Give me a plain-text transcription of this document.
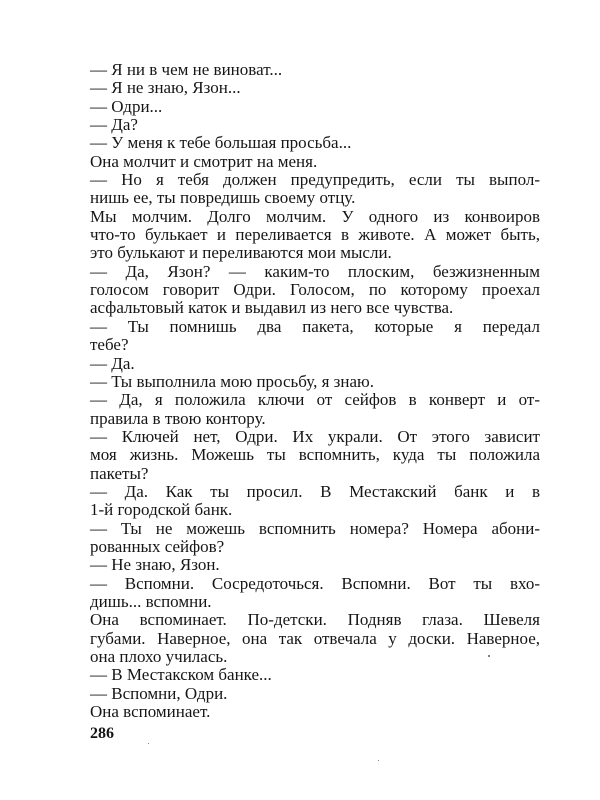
— Я ни в чем не виноват...
— Я не знаю, Язон...
— Одри...
— Да?
— У меня к тебе большая просьба...
Она молчит и смотрит на меня.
— Но я тебя должен предупредить, если ты выпол-
нишь ее, ты повредишь своему отцу.
Мы молчим. Долго молчим. У одного из конвоиров
что-то булькает и переливается в животе. А может быть,
это булькают и переливаются мои мысли.
— Да, Язон? — каким-то плоским, безжизненным
голосом говорит Одри. Голосом, по которому проехал
асфальтовый каток и выдавил из него все чувства.
— Ты помнишь два пакета, которые я передал
тебе?
— Да.
— Ты выполнила мою просьбу, я знаю.
— Да, я положила ключи от сейфов в конверт и от-
правила в твою контору.
— Ключей нет, Одри. Их украли. От этого зависит
моя жизнь. Можешь ты вспомнить, куда ты положила
пакеты?
— Да. Как ты просил. В Местакский банк и в
1-й городской банк.
— Ты не можешь вспомнить номера? Номера абони-
рованных сейфов?
— Не знаю, Язон.
— Вспомни. Сосредоточься. Вспомни. Вот ты вхо-
дишь... вспомни.
Она вспоминает. По-детски. Подняв глаза. Шевеля
губами. Наверное, она так отвечала у доски. Наверное,
она плохо училась.
— В Местакском банке...
— Вспомни, Одри.
Она вспоминает.
286
